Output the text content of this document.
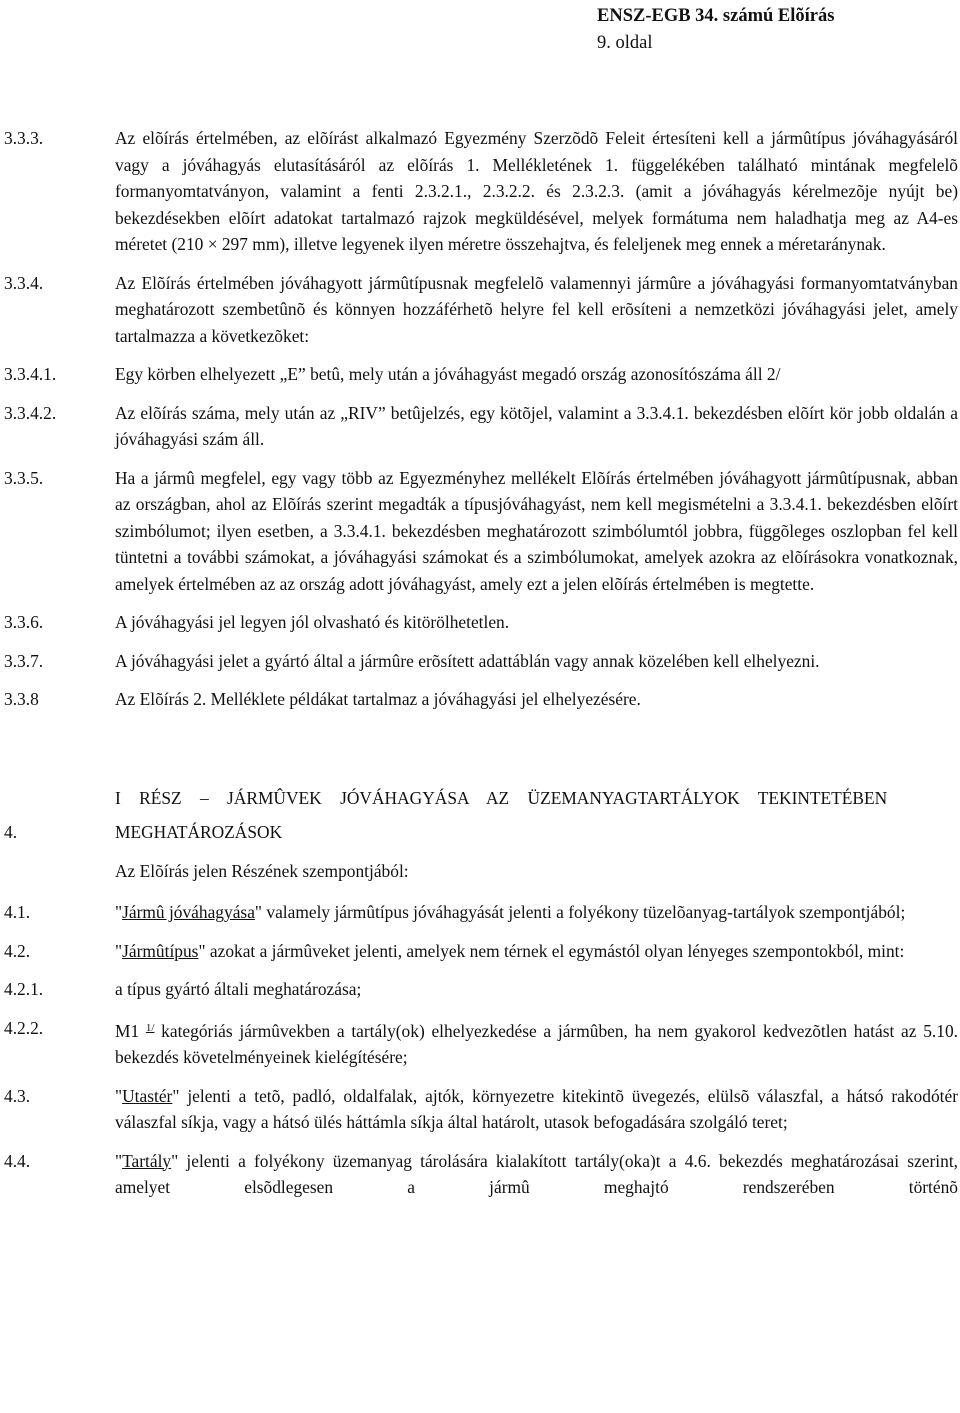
ENSZ-EGB 34. számú Elõírás
9. oldal
3.3.3.	Az elõírás értelmében, az elõírást alkalmazó Egyezmény Szerzõdõ Feleit értesíteni kell a jármûtípus jóváhagyásáról vagy a jóváhagyás elutasításáról az elõírás 1. Mellékletének 1. függelékében található mintának megfelelõ formanyomtatványon, valamint a fenti 2.3.2.1., 2.3.2.2. és 2.3.2.3. (amit a jóváhagyás kérelmezõje nyújt be) bekezdésekben elõírt adatokat tartalmazó rajzok megküldésével, melyek formátuma nem haladhatja meg az A4-es méretet (210 × 297 mm), illetve legyenek ilyen méretre összehajtva, és feleljenek meg ennek a méretaránynak.
3.3.4.	Az Elõírás értelmében jóváhagyott jármûtípusnak megfelelõ valamennyi jármûre a jóváhagyási formanyomtatványban meghatározott szembetûnõ és könnyen hozzáférhetõ helyre fel kell erõsíteni a nemzetközi jóváhagyási jelet, amely tartalmazza a következõket:
3.3.4.1.	Egy körben elhelyezett „E” betû, mely után a jóváhagyást megadó ország azonosítószáma áll 2/
3.3.4.2.	Az elõírás száma, mely után az „RIV” betûjelzés, egy kötõjel, valamint a 3.3.4.1. bekezdésben elõírt kör jobb oldalán a jóváhagyási szám áll.
3.3.5.	Ha a jármû megfelel, egy vagy több az Egyezményhez mellékelt Elõírás értelmében jóváhagyott jármûtípusnak, abban az országban, ahol az Elõírás szerint megadták a típusjóváhagyást, nem kell megismételni a 3.3.4.1. bekezdésben elõírt szimbólumot; ilyen esetben, a 3.3.4.1. bekezdésben meghatározott szimbólumtól jobbra, függõleges oszlopban fel kell tüntetni a további számokat, a jóváhagyási számokat és a szimbólumokat, amelyek azokra az elõírásokra vonatkoznak, amelyek értelmében az az ország adott jóváhagyást, amely ezt a jelen elõírás értelmében is megtette.
3.3.6.	A jóváhagyási jel legyen jól olvasható és kitörölhetetlen.
3.3.7.	A jóváhagyási jelet a gyártó által a jármûre erõsített adattáblán vagy annak közelében kell elhelyezni.
3.3.8	Az Elõírás 2. Melléklete példákat tartalmaz a jóváhagyási jel elhelyezésére.
I RÉSZ – JÁRMÛVEK JÓVÁHAGYÁSA AZ ÜZEMANYAGTARTÁLYOK TEKINTETÉBEN
4.	MEGHATÁROZÁSOK
Az Elõírás jelen Részének szempontjából:
4.1.	"Jármû jóváhagyása" valamely jármûtípus jóváhagyását jelenti a folyékony tüzelõanyag-tartályok szempontjából;
4.2.	"Jármûtípus" azokat a jármûveket jelenti, amelyek nem térnek el egymástól olyan lényeges szempontokból, mint:
4.2.1.	a típus gyártó általi meghatározása;
4.2.2.	M1 $^{1/}$ kategóriás jármûvekben a tartály(ok) elhelyezkedése a jármûben, ha nem gyakorol kedvezõtlen hatást az 5.10. bekezdés követelményeinek kielégítésére;
4.3.	"Utastér" jelenti a tetõ, padló, oldalfalak, ajtók, környezetre kitekintõ üvegezés, elülsõ válaszfal, a hátsó rakodótér válaszfal síkja, vagy a hátsó ülés háttámla síkja által határolt, utasok befogadására szolgáló teret;
4.4.	"Tartály" jelenti a folyékony üzemanyag tárolására kialakított tartály(oka)t a 4.6. bekezdés meghatározásai szerint, amelyet elsõdlegesen a jármû meghajtó rendszerében történõ
